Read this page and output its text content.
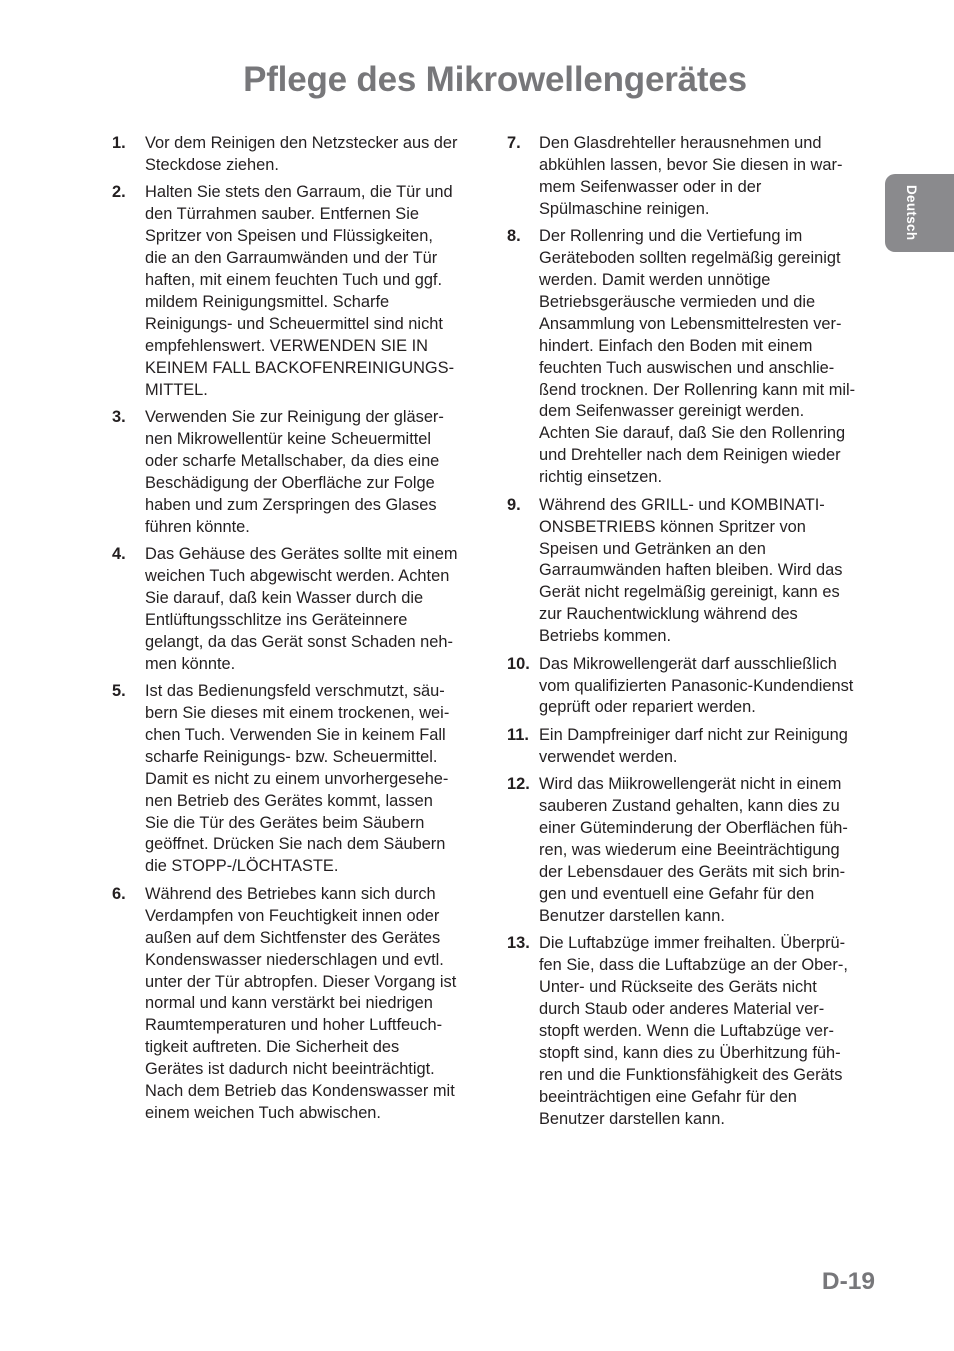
Pflege des Mikrowellengerätes
1.	Vor dem Reinigen den Netzstecker aus der
Steckdose ziehen.
2.	Halten Sie stets den Garraum, die Tür und
den Türrahmen sauber. Entfernen Sie
Spritzer von Speisen und Flüssigkeiten,
die an den Garraumwänden und der Tür
haften, mit einem feuchten Tuch und ggf.
mildem Reinigungsmittel. Scharfe
Reinigungs- und Scheuermittel sind nicht
empfehlenswert. VERWENDEN SIE IN
KEINEM FALL BACKOFENREINIGUNGS-
MITTEL.
3.	Verwenden Sie zur Reinigung der gläser-
nen Mikrowellentür keine Scheuermittel
oder scharfe Metallschaber, da dies eine
Beschädigung der Oberfläche zur Folge
haben und zum Zerspringen des Glases
führen könnte.
4.	Das Gehäuse des Gerätes sollte mit einem
weichen Tuch abgewischt werden. Achten
Sie darauf, daß kein Wasser durch die
Entlüftungsschlitze ins Geräteinnere
gelangt, da das Gerät sonst Schaden neh-
men könnte.
5.	Ist das Bedienungsfeld verschmutzt, säu-
bern Sie dieses mit einem trockenen, wei-
chen Tuch. Verwenden Sie in keinem Fall
scharfe Reinigungs- bzw. Scheuermittel.
Damit es nicht zu einem unvorhergesehe-
nen Betrieb des Gerätes kommt, lassen
Sie die Tür des Gerätes beim Säubern
geöffnet. Drücken Sie nach dem Säubern
die STOPP-/LÖCHTASTE.
6.	Während des Betriebes kann sich durch
Verdampfen von Feuchtigkeit innen oder
außen auf dem Sichtfenster des Gerätes
Kondenswasser niederschlagen und evtl.
unter der Tür abtropfen. Dieser Vorgang ist
normal und kann verstärkt bei niedrigen
Raumtemperaturen und hoher Luftfeuch-
tigkeit auftreten. Die Sicherheit des
Gerätes ist dadurch nicht beeinträchtigt.
Nach dem Betrieb das Kondenswasser mit
einem weichen Tuch abwischen.
7.	Den Glasdrehteller herausnehmen und
abkühlen lassen, bevor Sie diesen in war-
mem Seifenwasser oder in der
Spülmaschine reinigen.
8.	Der Rollenring und die Vertiefung im
Geräteboden sollten regelmäßig gereinigt
werden. Damit werden unnötige
Betriebsgeräusche vermieden und die
Ansammlung von Lebensmittelresten ver-
hindert. Einfach den Boden mit einem
feuchten Tuch auswischen und anschlie-
ßend trocknen. Der Rollenring kann mit mil-
dem Seifenwasser gereinigt werden.
Achten Sie darauf, daß Sie den Rollenring
und Drehteller nach dem Reinigen wieder
richtig einsetzen.
9.	Während des GRILL- und KOMBINATI-
ONSBETRIEBS können Spritzer von
Speisen und Getränken an den
Garraumwänden haften bleiben. Wird das
Gerät nicht regelmäßig gereinigt, kann es
zur Rauchentwicklung während des
Betriebs kommen.
10. Das Mikrowellengerät darf ausschließlich
vom qualifizierten Panasonic-Kundendienst
geprüft oder repariert werden.
11. Ein Dampfreiniger darf nicht zur Reinigung
verwendet werden.
12. Wird das Miikrowellengerät nicht in einem
sauberen Zustand gehalten, kann dies zu
einer Güteminderung der Oberflächen füh-
ren, was wiederum eine Beeinträchtigung
der Lebensdauer des Geräts mit sich brin-
gen und eventuell eine Gefahr für den
Benutzer darstellen kann.
13. Die Luftabzüge immer freihalten. Überprü-
fen Sie, dass die Luftabzüge an der Ober-,
Unter- und Rückseite des Geräts nicht
durch Staub oder anderes Material ver-
stopft werden. Wenn die Luftabzüge ver-
stopft sind, kann dies zu Überhitzung füh-
ren und die Funktionsfähigkeit des Geräts
beeinträchtigen eine Gefahr für den
Benutzer darstellen kann.
Deutsch
D-19
